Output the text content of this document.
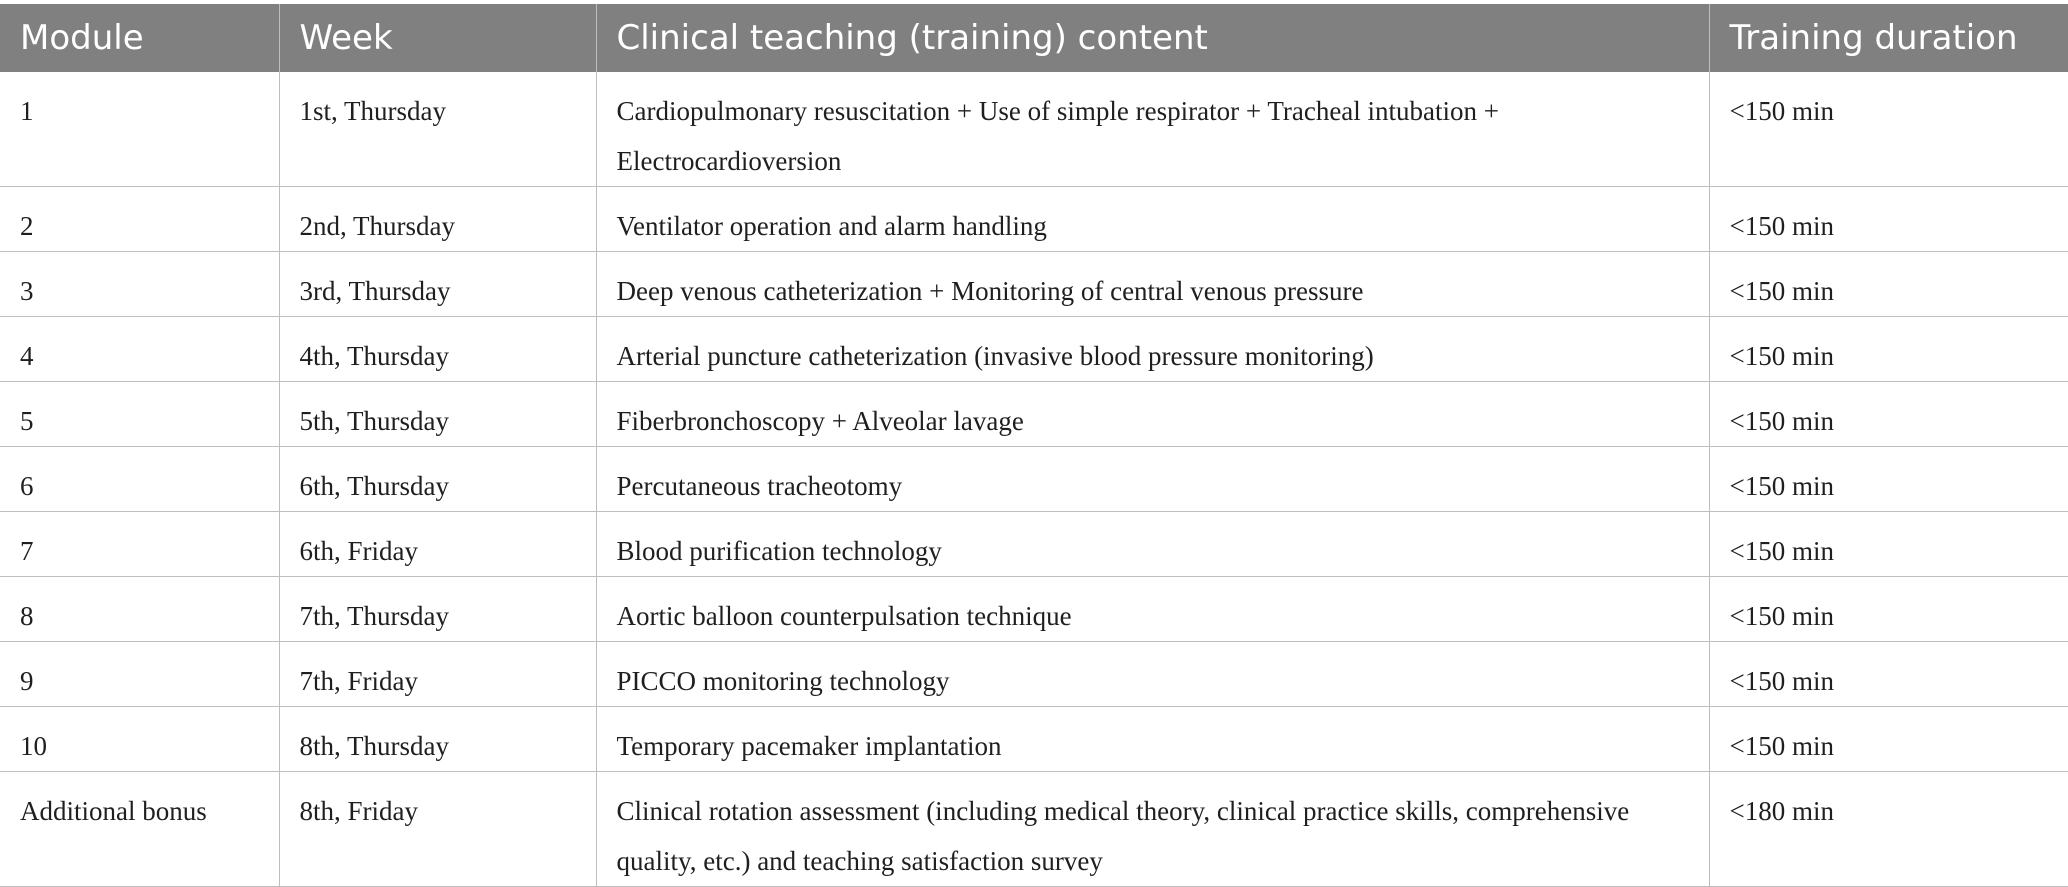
Module	Week	Clinical teaching (training) content	Training duration
1	1st, Thursday	Cardiopulmonary resuscitation + Use of simple respirator + Tracheal intubation + Electrocardioversion	<150 min
2	2nd, Thursday	Ventilator operation and alarm handling	<150 min
3	3rd, Thursday	Deep venous catheterization + Monitoring of central venous pressure	<150 min
4	4th, Thursday	Arterial puncture catheterization (invasive blood pressure monitoring)	<150 min
5	5th, Thursday	Fiberbronchoscopy + Alveolar lavage	<150 min
6	6th, Thursday	Percutaneous tracheotomy	<150 min
7	6th, Friday	Blood purification technology	<150 min
8	7th, Thursday	Aortic balloon counterpulsation technique	<150 min
9	7th, Friday	PICCO monitoring technology	<150 min
10	8th, Thursday	Temporary pacemaker implantation	<150 min
Additional bonus	8th, Friday	Clinical rotation assessment (including medical theory, clinical practice skills, comprehensive quality, etc.) and teaching satisfaction survey	<180 min
